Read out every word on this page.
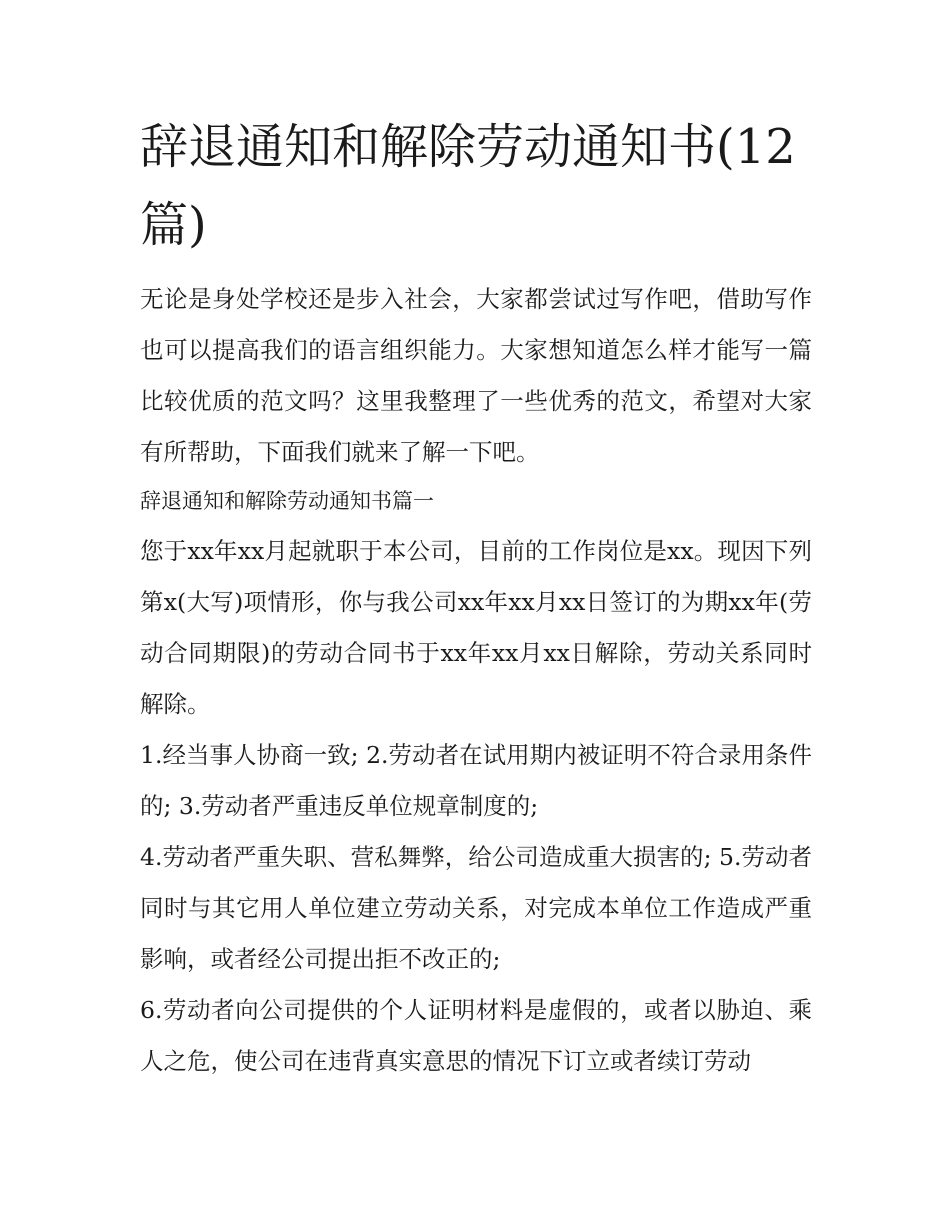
辞退通知和解除劳动通知书(12篇)

无论是身处学校还是步入社会，大家都尝试过写作吧，借助写作也可以提高我们的语言组织能力。大家想知道怎么样才能写一篇比较优质的范文吗？这里我整理了一些优秀的范文，希望对大家有所帮助，下面我们就来了解一下吧。

辞退通知和解除劳动通知书篇一

您于xx年xx月起就职于本公司，目前的工作岗位是xx。现因下列第x(大写)项情形，你与我公司xx年xx月xx日签订的为期xx年(劳动合同期限)的劳动合同书于xx年xx月xx日解除，劳动关系同时解除。

1.经当事人协商一致; 2.劳动者在试用期内被证明不符合录用条件的; 3.劳动者严重违反单位规章制度的;

4.劳动者严重失职、营私舞弊，给公司造成重大损害的; 5.劳动者同时与其它用人单位建立劳动关系，对完成本单位工作造成严重影响，或者经公司提出拒不改正的;

6.劳动者向公司提供的个人证明材料是虚假的，或者以胁迫、乘人之危，使公司在违背真实意思的情况下订立或者续订劳动
